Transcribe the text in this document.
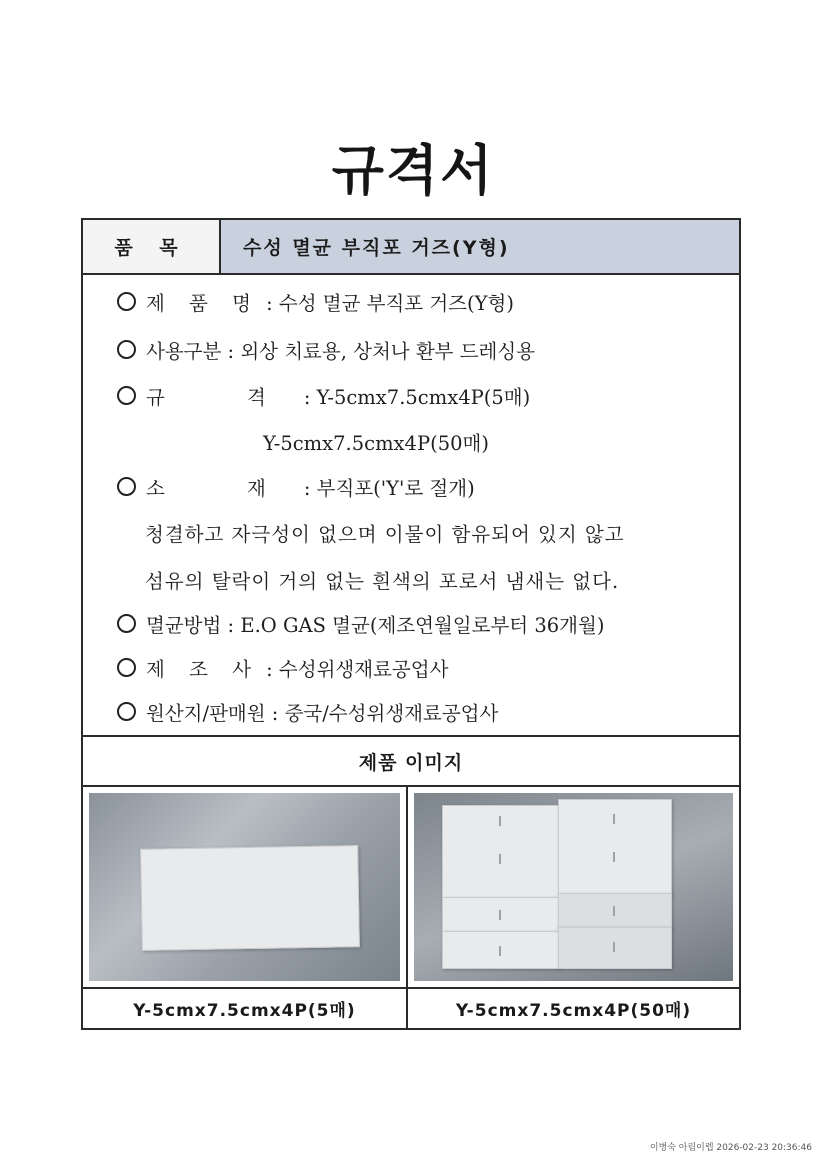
규격서
품 목	수성 멸균 부직포 거즈(Y형)
제 품 명 : 수성 멸균 부직포 거즈(Y형)
사용구분 : 외상 치료용, 상처나 환부 드레싱용
규 격: Y-5cmx7.5cmx4P(5매)
Y-5cmx7.5cmx4P(50매)
소 재: 부직포('Y'로 절개)
청결하고 자극성이 없으며 이물이 함유되어 있지 않고
섬유의 탈락이 거의 없는 흰색의 포로서 냄새는 없다.
멸균방법 : E.O GAS 멸균(제조연월일로부터 36개월)
제 조 사 : 수성위생재료공업사
원산지/판매원 : 중국/수성위생재료공업사
제품 이미지
Y-5cmx7.5cmx4P(5매)	Y-5cmx7.5cmx4P(50매)
이병숙 아림이렙 2026-02-23 20:36:46
